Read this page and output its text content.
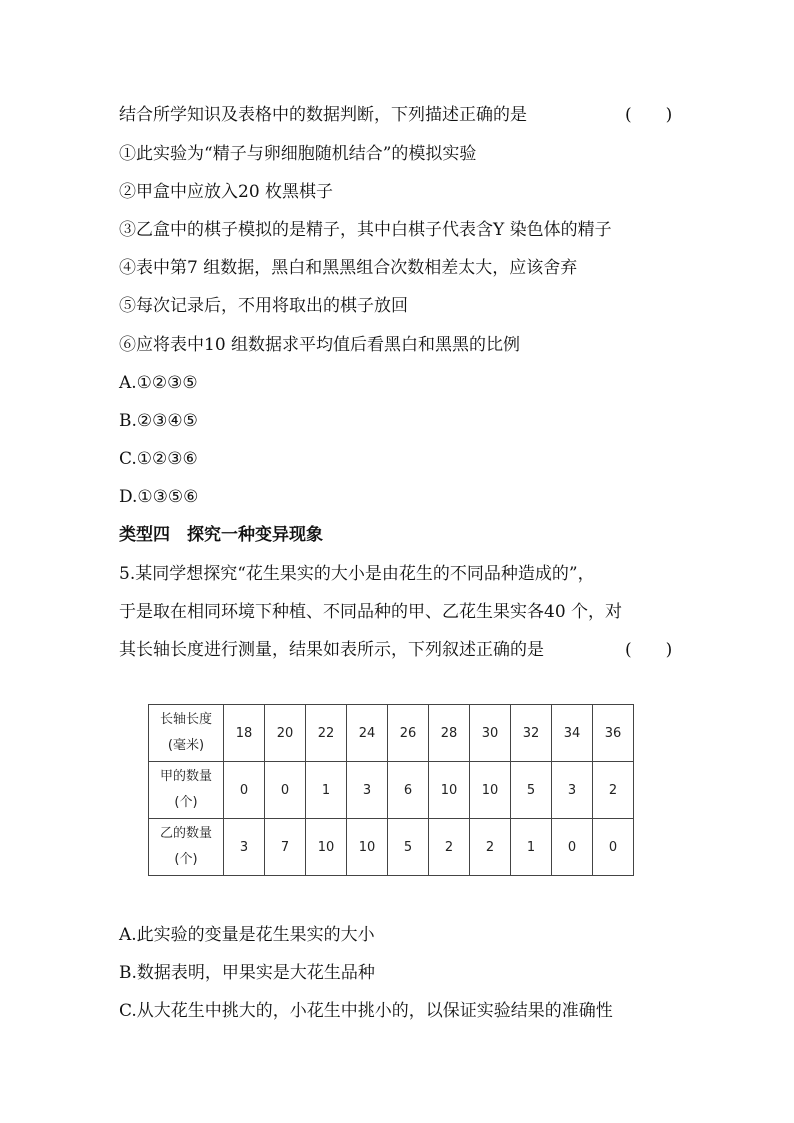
结合所学知识及表格中的数据判断，下列描述正确的是	(　　)
①此实验为“精子与卵细胞随机结合”的模拟实验
②甲盒中应放入20 枚黑棋子
③乙盒中的棋子模拟的是精子，其中白棋子代表含Y 染色体的精子
④表中第7 组数据，黑白和黑黑组合次数相差太大，应该舍弃
⑤每次记录后，不用将取出的棋子放回
⑥应将表中10 组数据求平均值后看黑白和黑黑的比例
A.①②③⑤
B.②③④⑤
C.①②③⑥
D.①③⑤⑥
类型四　探究一种变异现象
5.某同学想探究“花生果实的大小是由花生的不同品种造成的”，
于是取在相同环境下种植、不同品种的甲、乙花生果实各40 个，对
其长轴长度进行测量，结果如表所示，下列叙述正确的是	(　　)
长轴长度
(毫米)	18	20	22	24	26	28	30	32	34	36

甲的数量
(个)	0	0	1	3	6	10	10	5	3	2

乙的数量
(个)	3	7	10	10	5	2	2	1	0	0
A.此实验的变量是花生果实的大小
B.数据表明，甲果实是大花生品种
C.从大花生中挑大的，小花生中挑小的，以保证实验结果的准确性
